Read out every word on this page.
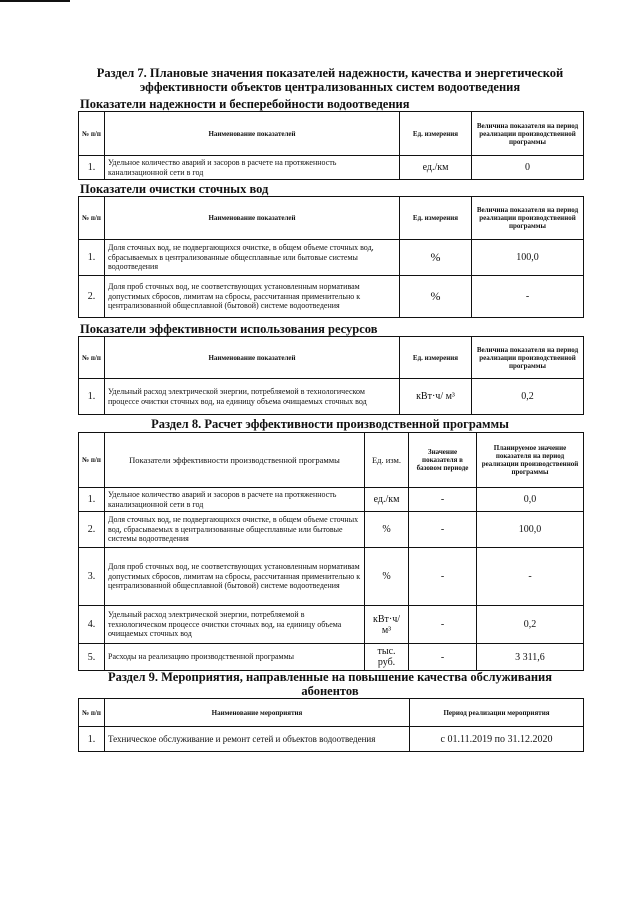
Раздел 7. Плановые значения показателей надежности, качества и энергетической
эффективности объектов централизованных систем водоотведения
Показатели надежности и бесперебойности водоотведения
№ п/п	Наименование показателей	Ед. измерения	Величина показателя на период реализации производственной программы
1.	Удельное количество аварий и засоров в расчете на протяженность канализационной сети в год	ед./км	0
Показатели очистки сточных вод
№ п/п	Наименование показателей	Ед. измерения	Величина показателя на период реализации производственной программы
1.	Доля сточных вод, не подвергающихся очистке, в общем объеме сточных вод, сбрасываемых в централизованные общесплавные или бытовые системы водоотведения	%	100,0
2.	Доля проб сточных вод, не соответствующих установленным нормативам допустимых сбросов, лимитам на сбросы, рассчитанная применительно к централизованной общесплавной (бытовой) системе водоотведения	%	-
Показатели эффективности использования ресурсов
№ п/п	Наименование показателей	Ед. измерения	Величина показателя на период реализации производственной программы
1.	Удельный расход электрической энергии, потребляемой в технологическом процессе очистки сточных вод, на единицу объема очищаемых сточных вод	кВт·ч/ м³	0,2
Раздел 8. Расчет эффективности производственной программы
№ п/п	Показатели эффективности производственной программы	Ед. изм.	Значение показателя в базовом периоде	Планируемое значение показателя на период реализации производственной программы
1.	Удельное количество аварий и засоров в расчете на протяженность канализационной сети в год	ед./км	-	0,0
2.	Доля сточных вод, не подвергающихся очистке, в общем объеме сточных вод, сбрасываемых в централизованные общесплавные или бытовые системы водоотведения	%	-	100,0
3.	Доля проб сточных вод, не соответствующих установленным нормативам допустимых сбросов, лимитам на сбросы, рассчитанная применительно к централизованной общесплавной (бытовой) системе водоотведения	%	-	-
4.	Удельный расход электрической энергии, потребляемой в технологическом процессе очистки сточных вод, на единицу объема очищаемых сточных вод	кВт·ч/ м³	-	0,2
5.	Расходы на реализацию производственной программы	тыс. руб.	-	3 311,6
Раздел 9. Мероприятия, направленные на повышение качества обслуживания
абонентов
№ п/п	Наименование мероприятия	Период реализации мероприятия
1.	Техническое обслуживание и ремонт сетей и объектов водоотведения	с 01.11.2019 по 31.12.2020
